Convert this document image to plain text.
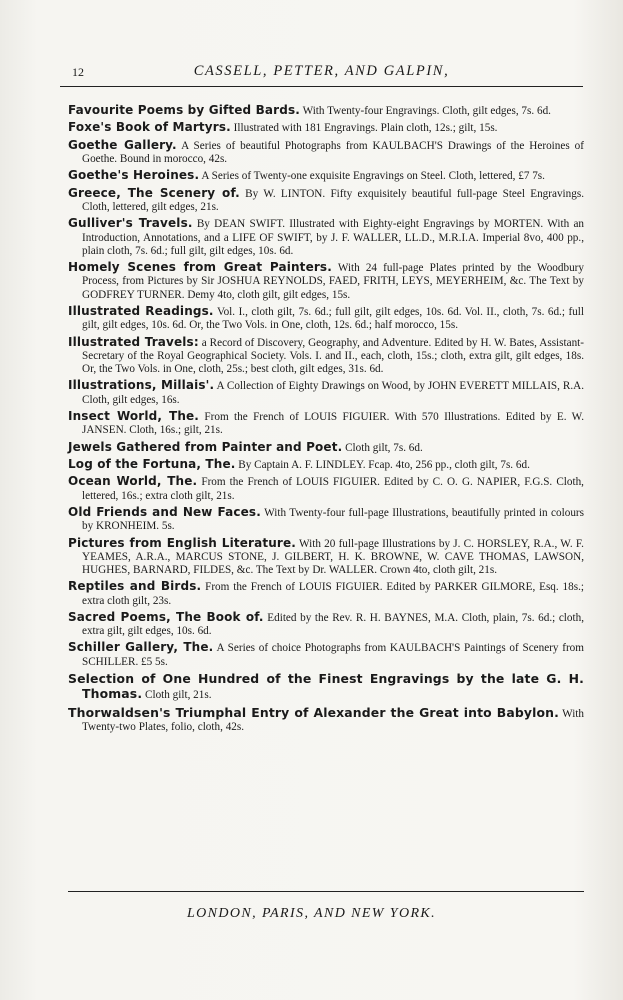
12	CASSELL, PETTER, AND GALPIN,

Favourite Poems by Gifted Bards. With Twenty-four Engravings. Cloth, gilt edges, 7s. 6d.

Foxe's Book of Martyrs. Illustrated with 181 Engravings. Plain cloth, 12s.; gilt, 15s.

Goethe Gallery. A Series of beautiful Photographs from KAULBACH'S Drawings of the Heroines of Goethe. Bound in morocco, 42s.

Goethe's Heroines. A Series of Twenty-one exquisite Engravings on Steel. Cloth, lettered, £7 7s.

Greece, The Scenery of. By W. LINTON. Fifty exquisitely beautiful full-page Steel Engravings. Cloth, lettered, gilt edges, 21s.

Gulliver's Travels. By DEAN SWIFT. Illustrated with Eighty-eight Engravings by MORTEN. With an Introduction, Annotations, and a LIFE OF SWIFT, by J. F. WALLER, LL.D., M.R.I.A. Imperial 8vo, 400 pp., plain cloth, 7s. 6d.; full gilt, gilt edges, 10s. 6d.

Homely Scenes from Great Painters. With 24 full-page Plates printed by the Woodbury Process, from Pictures by Sir JOSHUA REYNOLDS, FAED, FRITH, LEYS, MEYERHEIM, &c. The Text by GODFREY TURNER. Demy 4to, cloth gilt, gilt edges, 15s.

Illustrated Readings. Vol. I., cloth gilt, 7s. 6d.; full gilt, gilt edges, 10s. 6d. Vol. II., cloth, 7s. 6d.; full gilt, gilt edges, 10s. 6d. Or, the Two Vols. in One, cloth, 12s. 6d.; half morocco, 15s.

Illustrated Travels: a Record of Discovery, Geography, and Adventure. Edited by H. W. Bates, Assistant-Secretary of the Royal Geographical Society. Vols. I. and II., each, cloth, 15s.; cloth, extra gilt, gilt edges, 18s. Or, the Two Vols. in One, cloth, 25s.; best cloth, gilt edges, 31s. 6d.

Illustrations, Millais'. A Collection of Eighty Drawings on Wood, by JOHN EVERETT MILLAIS, R.A. Cloth, gilt edges, 16s.

Insect World, The. From the French of LOUIS FIGUIER. With 570 Illustrations. Edited by E. W. JANSEN. Cloth, 16s.; gilt, 21s.

Jewels Gathered from Painter and Poet. Cloth gilt, 7s. 6d.

Log of the Fortuna, The. By Captain A. F. LINDLEY. Fcap. 4to, 256 pp., cloth gilt, 7s. 6d.

Ocean World, The. From the French of LOUIS FIGUIER. Edited by C. O. G. NAPIER, F.G.S. Cloth, lettered, 16s.; extra cloth gilt, 21s.

Old Friends and New Faces. With Twenty-four full-page Illustrations, beautifully printed in colours by KRONHEIM. 5s.

Pictures from English Literature. With 20 full-page Illustrations by J. C. HORSLEY, R.A., W. F. YEAMES, A.R.A., MARCUS STONE, J. GILBERT, H. K. BROWNE, W. CAVE THOMAS, LAWSON, HUGHES, BARNARD, FILDES, &c. The Text by Dr. WALLER. Crown 4to, cloth gilt, 21s.

Reptiles and Birds. From the French of LOUIS FIGUIER. Edited by PARKER GILMORE, Esq. 18s.; extra cloth gilt, 23s.

Sacred Poems, The Book of. Edited by the Rev. R. H. BAYNES, M.A. Cloth, plain, 7s. 6d.; cloth, extra gilt, gilt edges, 10s. 6d.

Schiller Gallery, The. A Series of choice Photographs from KAULBACH'S Paintings of Scenery from SCHILLER. £5 5s.

Selection of One Hundred of the Finest Engravings by the late G. H. Thomas. Cloth gilt, 21s.

Thorwaldsen's Triumphal Entry of Alexander the Great into Babylon. With Twenty-two Plates, folio, cloth, 42s.

LONDON, PARIS, AND NEW YORK.
